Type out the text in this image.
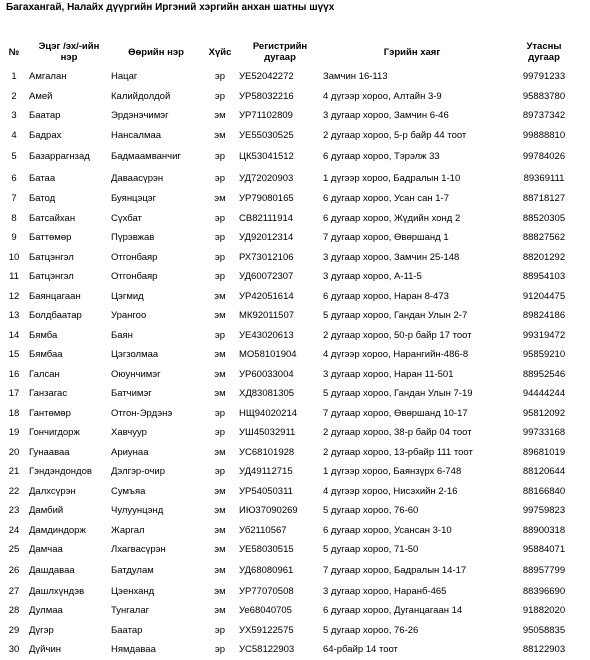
Багахангай, Налайх дүүргийн Иргэний хэргийн анхан шатны шүүх
№	Эцэг /эх/-ийн
нэр	Өөрийн нэр	Хүйс	Регистрийн
дугаар	Гэрийн хаяг	Утасны
дугаар
1	Амгалан	Нацаг	эр	УЕ52042272	Замчин 16-113	99791233
2	Амей	Калийдолдой	эр	УР58032216	4 дүгээр хороо, Алтайн 3-9	95883780
3	Баатар	Эрдэнэчимэг	эм	УР71102809	3 дугаар хороо, Замчин 6-46	89737342
4	Бадрах	Нансалмаа	эм	УЕ55030525	2 дугаар хороо, 5-р байр 44 тоот	99888810
5	Базаррагнзад	Бадмаамванчиг	эр	ЦК53041512	6 дугаар хороо, Тэрэлж 33	99784026
6	Батаа	Даваасүрэн	эр	УД72020903	1 дүгээр хороо, Бадралын 1-10	89369111
7	Батод	Буянцэцэг	эм	УР79080165	6 дугаар хороо, Усан сан 1-7	88718127
8	Батсайхан	Сүхбат	эр	СВ82111914	6 дугаар хороо, Жүдийн хонд 2	88520305
9	Баттөмөр	Пүрэвжав	эр	УД92012314	7 дугаар хороо, Өвөршанд 1	88827562
10	Батцэнгэл	Отгонбаяр	эр	РХ73012106	3 дугаар хороо, Замчин 25-148	88201292
11	Батцэнгэл	Отгонбаяр	эр	УД60072307	3 дугаар хороо, А-11-5	88954103
12	Баянцагаан	Цэгмид	эм	УР42051614	6 дугаар хороо, Наран 8-473	91204475
13	Болдбаатар	Урангоо	эм	МК92011507	5 дугаар хороо, Гандан Улын 2-7	89824186
14	Бямба	Баян	эр	УЕ43020613	2 дугаар хороо, 50-р байр 17 тоот	99319472
15	Бямбаа	Цэгзолмаа	эм	МО58101904	4 дүгээр хороо, Нарангийн-486-8	95859210
16	Галсан	Оюунчимэг	эм	УР60033004	3 дугаар хороо, Наран 11-501	88952546
17	Ганзагас	Батчимэг	эм	ХД83081305	5 дугаар хороо, Гандан Улын 7-19	94444244
18	Гантөмөр	Отгон-Эрдэнэ	эр	НЩ94020214	7 дугаар хороо, Өвөршанд 10-17	95812092
19	Гончигдорж	Хавчуур	эр	УШ45032911	2 дугаар хороо, 38-р байр 04 тоот	99733168
20	Гунааваа	Ариунаа	эм	УС68101928	2 дугаар хороо, 13-рбайр 111 тоот	89681019
21	Гэндэндондов	Дэлгэр-очир	эр	УД49112715	1 дүгээр хороо, Баянзүрх 6-748	88120644
22	Далхсүрэн	Сумъяа	эм	УР54050311	4 дүгээр хороо, Нисэхийн 2-16	88166840
23	Дамбий	Чулуунцэнд	эм	ИЮ37090269	5 дугаар хороо, 76-60	99759823
24	Дамдиндорж	Жаргал	эм	Уб2110567	6 дугаар хороо, Усансан 3-10	88900318
25	Дамчаа	Лхагвасүрэн	эм	УЕ58030515	5 дугаар хороо, 71-50	95884071
26	Дашдаваа	Батдулам	эм	УД68080961	7 дугаар хороо, Бадралын 14-17	88957799
27	Дашлхүндэв	Цэенханд	эм	УР77070508	3 дугаар хороо, Наранб-465	88396690
28	Дулмаа	Тунгалаг	эм	Уе68040705	6 дугаар хороо, Дуганцагаан 14	91882020
29	Дүгэр	Баатар	эр	УХ59122575	5 дугаар хороо, 76-26	95058835
30	Дүйчин	Нямдаваа	эр	УС58122903	64-рбайр 14 тоот	88122903
